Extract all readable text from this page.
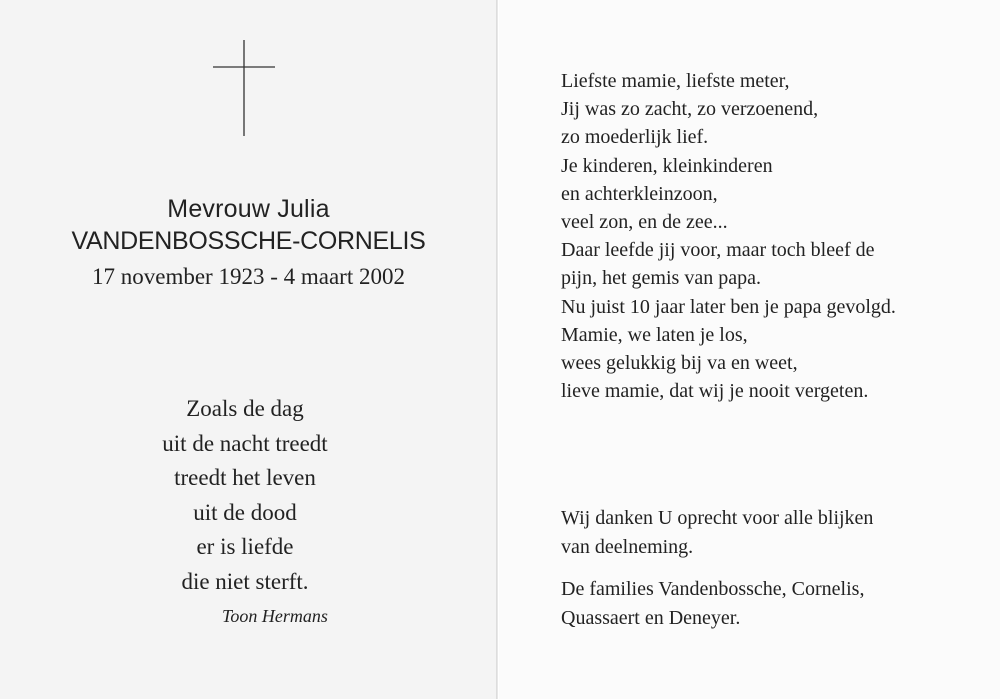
Mevrouw Julia
VANDENBOSSCHE-CORNELIS
17 november 1923 - 4 maart 2002
Zoals de dag
uit de nacht treedt
treedt het leven
uit de dood
er is liefde
die niet sterft.
Toon Hermans
Liefste mamie, liefste meter,
Jij was zo zacht, zo verzoenend,
zo moederlijk lief.
Je kinderen, kleinkinderen
en achterkleinzoon,
veel zon, en de zee...
Daar leefde jij voor, maar toch bleef de
pijn, het gemis van papa.
Nu juist 10 jaar later ben je papa gevolgd.
Mamie, we laten je los,
wees gelukkig bij va en weet,
lieve mamie, dat wij je nooit vergeten.
Wij danken U oprecht voor alle blijken
van deelneming.
De families Vandenbossche, Cornelis,
Quassaert en Deneyer.
